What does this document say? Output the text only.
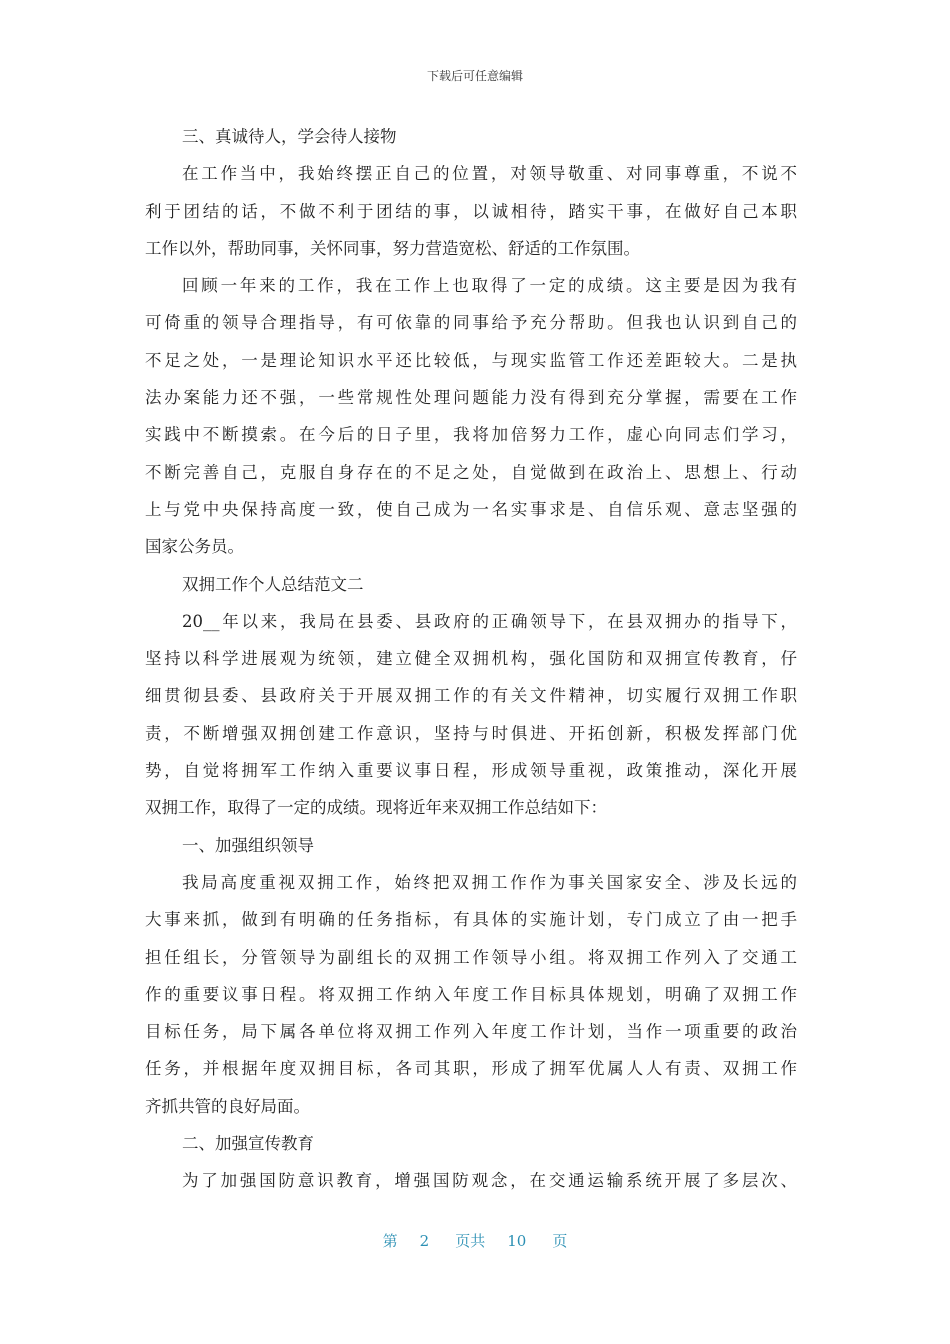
下载后可任意编辑
三、真诚待人，学会待人接物
在工作当中，我始终摆正自己的位置，对领导敬重、对同事尊重，不说不
利于团结的话，不做不利于团结的事，以诚相待，踏实干事，在做好自己本职
工作以外，帮助同事，关怀同事，努力营造宽松、舒适的工作氛围。
回顾一年来的工作，我在工作上也取得了一定的成绩。这主要是因为我有
可倚重的领导合理指导，有可依靠的同事给予充分帮助。但我也认识到自己的
不足之处，一是理论知识水平还比较低，与现实监管工作还差距较大。二是执
法办案能力还不强，一些常规性处理问题能力没有得到充分掌握，需要在工作
实践中不断摸索。在今后的日子里，我将加倍努力工作，虚心向同志们学习，
不断完善自己，克服自身存在的不足之处，自觉做到在政治上、思想上、行动
上与党中央保持高度一致，使自己成为一名实事求是、自信乐观、意志坚强的
国家公务员。
双拥工作个人总结范文二
20__年以来，我局在县委、县政府的正确领导下，在县双拥办的指导下，
坚持以科学进展观为统领，建立健全双拥机构，强化国防和双拥宣传教育，仔
细贯彻县委、县政府关于开展双拥工作的有关文件精神，切实履行双拥工作职
责，不断增强双拥创建工作意识，坚持与时俱进、开拓创新，积极发挥部门优
势，自觉将拥军工作纳入重要议事日程，形成领导重视，政策推动，深化开展
双拥工作，取得了一定的成绩。现将近年来双拥工作总结如下：
一、加强组织领导
我局高度重视双拥工作，始终把双拥工作作为事关国家安全、涉及长远的
大事来抓，做到有明确的任务指标，有具体的实施计划，专门成立了由一把手
担任组长，分管领导为副组长的双拥工作领导小组。将双拥工作列入了交通工
作的重要议事日程。将双拥工作纳入年度工作目标具体规划，明确了双拥工作
目标任务，局下属各单位将双拥工作列入年度工作计划，当作一项重要的政治
任务，并根据年度双拥目标，各司其职，形成了拥军优属人人有责、双拥工作
齐抓共管的良好局面。
二、加强宣传教育
为了加强国防意识教育，增强国防观念，在交通运输系统开展了多层次、
第 2 页共 10 页
